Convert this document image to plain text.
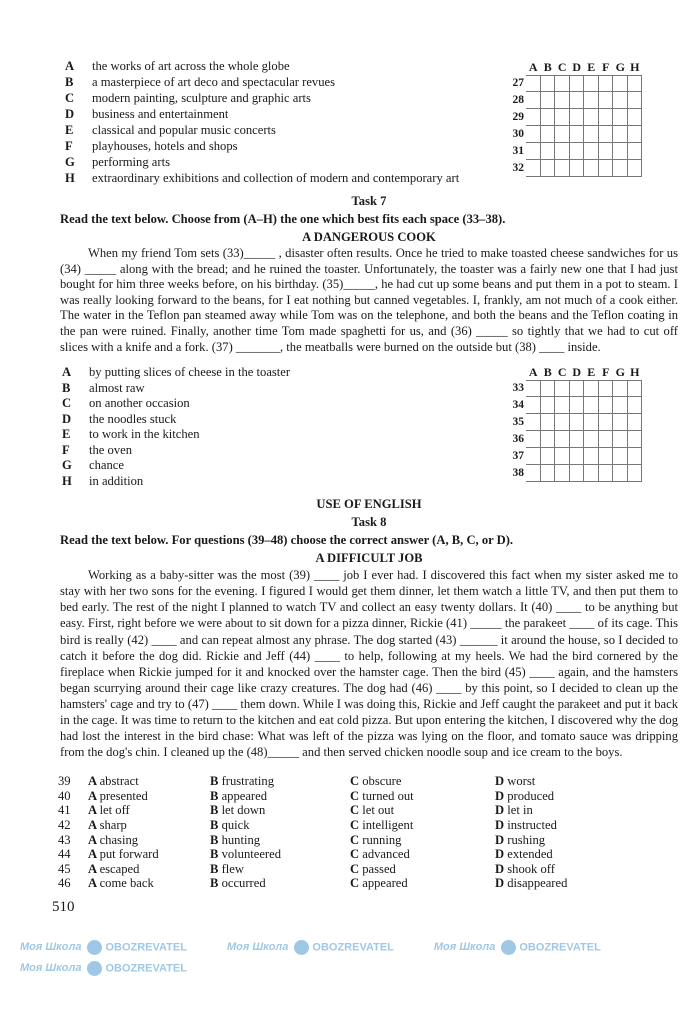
A	the works of art across the whole globe
B	a masterpiece of art deco and spectacular revues
C	modern painting, sculpture and graphic arts
D	business and entertainment
E	classical and popular music concerts
F	playhouses, hotels and shops
G	performing arts
H	extraordinary exhibitions and collection of modern and contemporary art
A B C D E F G H
27
28
29
30
31
32
Task 7
Read the text below. Choose from (A–H) the one which best fits each space (33–38).
A DANGEROUS COOK
When my friend Tom sets (33)_____ , disaster often results. Once he tried to make toasted cheese sandwiches for us (34) _____ along with the bread; and he ruined the toaster. Unfortunately, the toaster was a fairly new one that I had just bought for him three weeks before, on his birthday. (35)_____, he had cut up some beans and put them in a pot to steam. I was really looking forward to the beans, for I eat nothing but canned vegetables. I, frankly, am not much of a cook either. The water in the Teflon pan steamed away while Tom was on the telephone, and both the beans and the Teflon coating in the pan were ruined. Finally, another time Tom made spaghetti for us, and (36) _____ so tightly that we had to cut off slices with a knife and a fork. (37) _______, the meatballs were burned on the outside but (38) ____ inside.
A	by putting slices of cheese in the toaster
B	almost raw
C	on another occasion
D	the noodles stuck
E	to work in the kitchen
F	the oven
G	chance
H	in addition
A B C D E F G H
33
34
35
36
37
38
USE OF ENGLISH
Task 8
Read the text below. For questions (39–48) choose the correct answer (A, B, C, or D).
A DIFFICULT JOB
Working as a baby-sitter was the most (39) ____ job I ever had. I discovered this fact when my sister asked me to stay with her two sons for the evening. I figured I would get them dinner, let them watch a little TV, and then put them to bed early. The rest of the night I planned to watch TV and collect an easy twenty dollars. It (40) ____ to be anything but easy. First, right before we were about to sit down for a pizza dinner, Rickie (41) _____ the parakeet ____ of its cage. This bird is really (42) ____ and can repeat almost any phrase. The dog started (43) ______ it around the house, so I decided to catch it before the dog did. Rickie and Jeff (44) ____ to help, following at my heels. We had the bird cornered by the fireplace when Rickie jumped for it and knocked over the hamster cage. Then the bird (45) ____ again, and the hamsters began scurrying around their cage like crazy creatures. The dog had (46) ____ by this point, so I decided to clean up the hamsters' cage and try to (47) ____ them down. While I was doing this, Rickie and Jeff caught the parakeet and put it back in the cage. It was time to return to the kitchen and eat cold pizza. But upon entering the kitchen, I discovered why the dog had lost the interest in the bird chase: What was left of the pizza was lying on the floor, and tomato sauce was dripping from the dog's chin. I cleaned up the (48)_____ and then served chicken noodle soup and ice cream to the boys.
39	A abstract	B frustrating	C obscure	D worst
40	A presented	B appeared	C turned out	D produced
41	A let off	B let down	C let out	D let in
42	A sharp	B quick	C intelligent	D instructed
43	A chasing	B hunting	C running	D rushing
44	A put forward	B volunteered	C advanced	D extended
45	A escaped	B flew	C passed	D shook off
46	A come back	B occurred	C appeared	D disappeared
510
Моя Школа OBOZREVATEL	Моя Школа OBOZREVATEL	Моя Школа OBOZREVATEL
Моя Школа OBOZREVATEL
